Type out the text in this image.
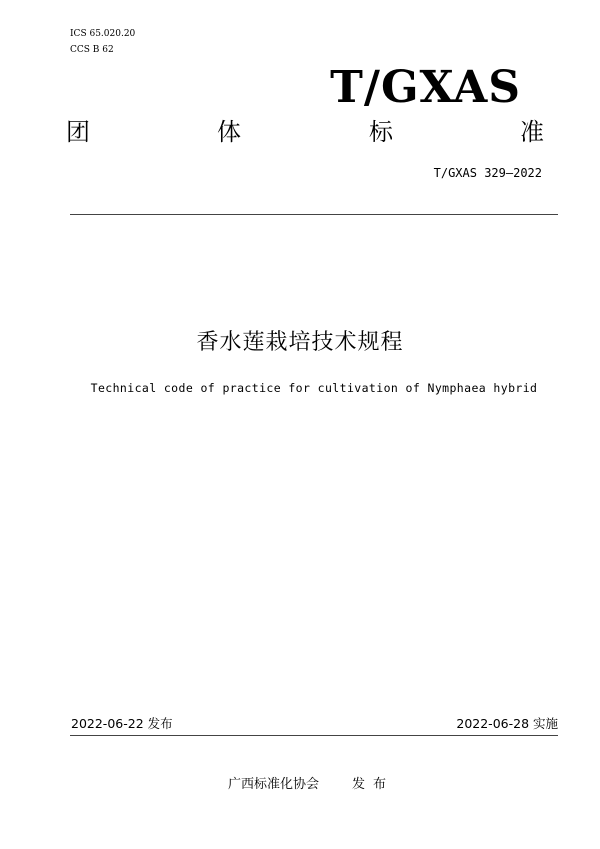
ICS 65.020.20
CCS B 62
T/GXAS
团	体	标	准
T/GXAS 329—2022
香水莲栽培技术规程
Technical code of practice for cultivation of Nymphaea hybrid
2022-06-22 发布	2022-06-28 实施
广西标准化协会	发布
